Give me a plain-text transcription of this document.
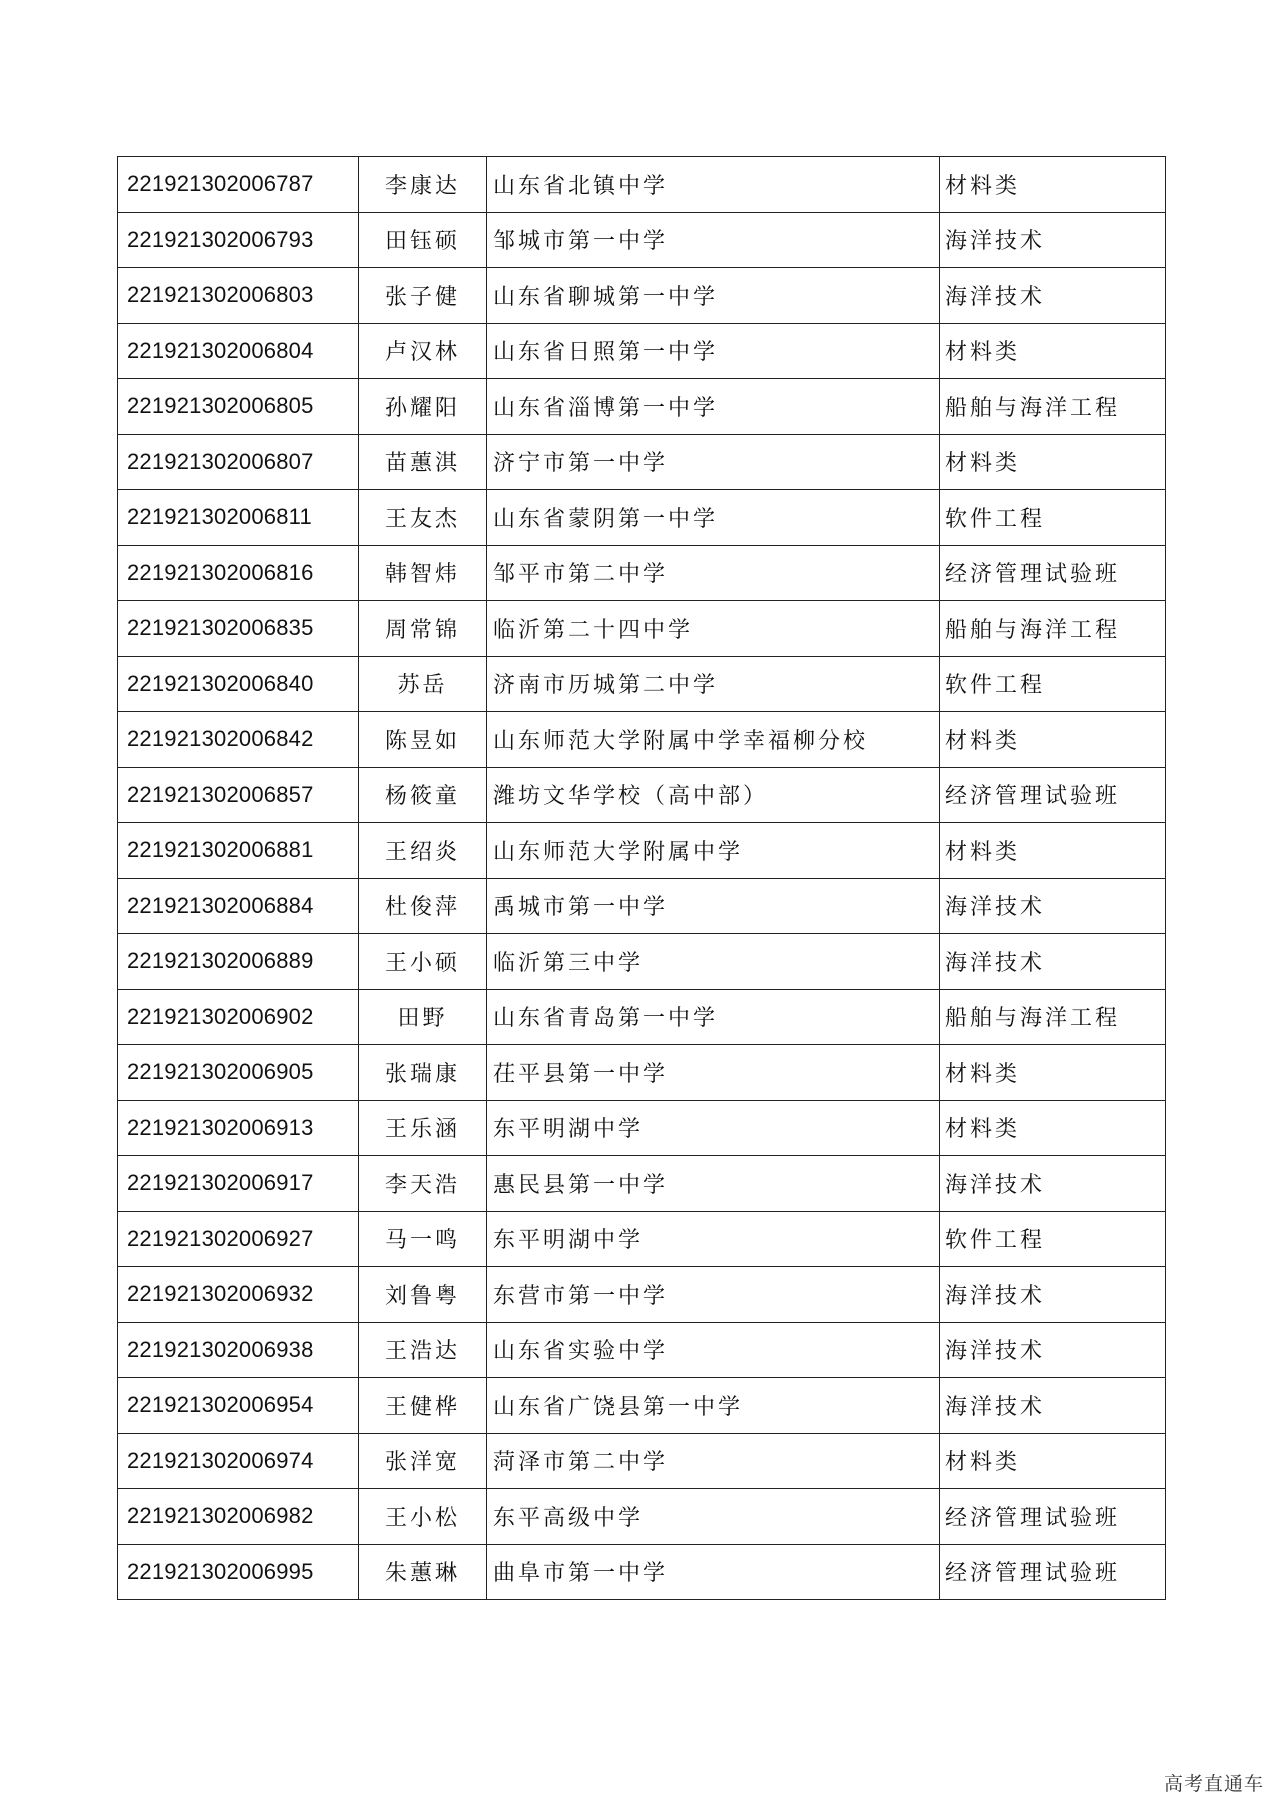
221921302006787	李康达	山东省北镇中学	材料类
221921302006793	田钰硕	邹城市第一中学	海洋技术
221921302006803	张子健	山东省聊城第一中学	海洋技术
221921302006804	卢汉林	山东省日照第一中学	材料类
221921302006805	孙耀阳	山东省淄博第一中学	船舶与海洋工程
221921302006807	苗蕙淇	济宁市第一中学	材料类
221921302006811	王友杰	山东省蒙阴第一中学	软件工程
221921302006816	韩智炜	邹平市第二中学	经济管理试验班
221921302006835	周常锦	临沂第二十四中学	船舶与海洋工程
221921302006840	苏岳	济南市历城第二中学	软件工程
221921302006842	陈昱如	山东师范大学附属中学幸福柳分校	材料类
221921302006857	杨筱童	潍坊文华学校（高中部）	经济管理试验班
221921302006881	王绍炎	山东师范大学附属中学	材料类
221921302006884	杜俊萍	禹城市第一中学	海洋技术
221921302006889	王小硕	临沂第三中学	海洋技术
221921302006902	田野	山东省青岛第一中学	船舶与海洋工程
221921302006905	张瑞康	茌平县第一中学	材料类
221921302006913	王乐涵	东平明湖中学	材料类
221921302006917	李天浩	惠民县第一中学	海洋技术
221921302006927	马一鸣	东平明湖中学	软件工程
221921302006932	刘鲁粤	东营市第一中学	海洋技术
221921302006938	王浩达	山东省实验中学	海洋技术
221921302006954	王健桦	山东省广饶县第一中学	海洋技术
221921302006974	张洋宽	菏泽市第二中学	材料类
221921302006982	王小松	东平高级中学	经济管理试验班
221921302006995	朱蕙琳	曲阜市第一中学	经济管理试验班
高考直通车
